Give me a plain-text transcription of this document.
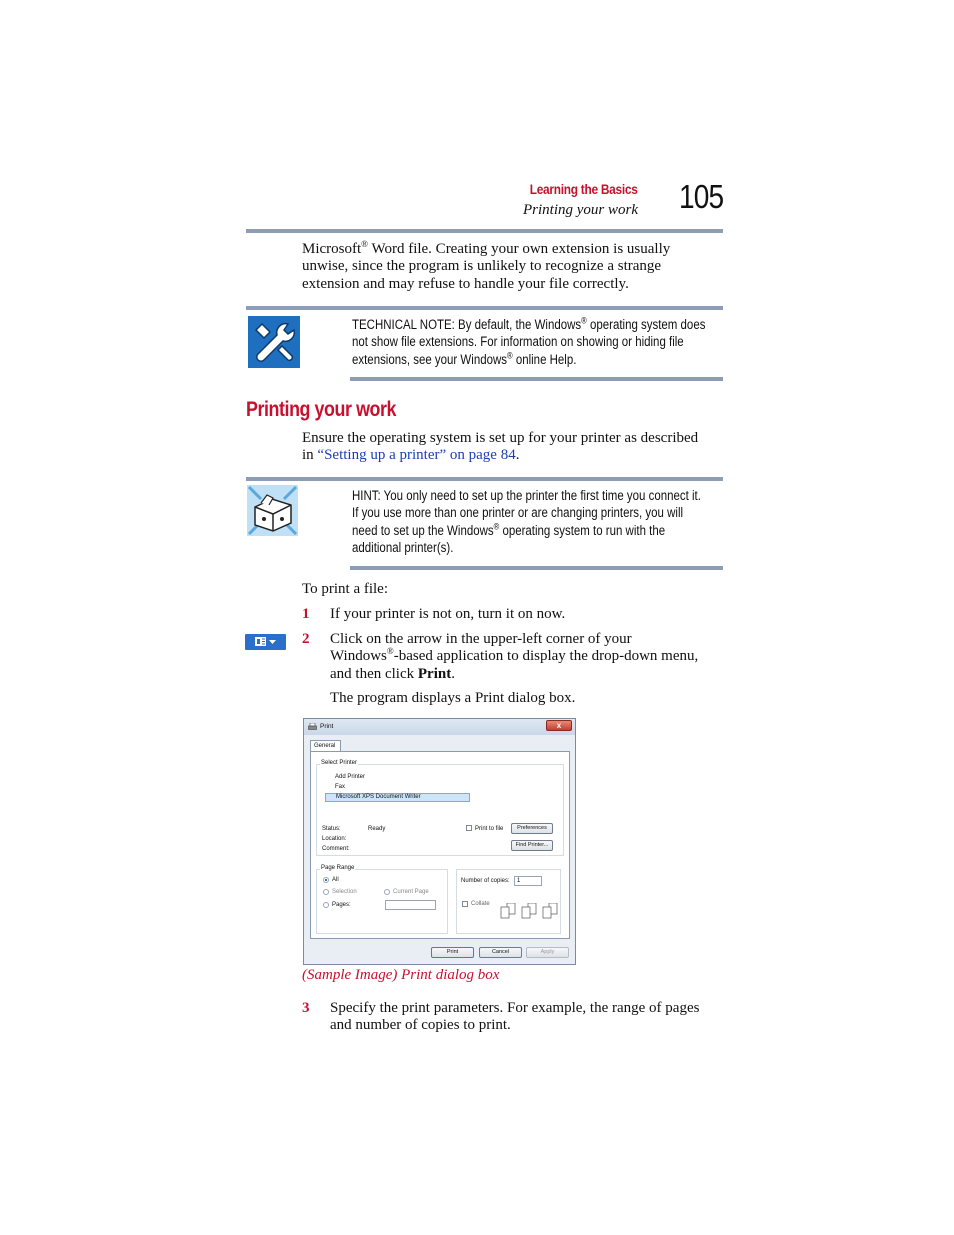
Learning the Basics
Printing your work 105
Microsoft® Word file. Creating your own extension is usually
unwise, since the program is unlikely to recognize a strange
extension and may refuse to handle your file correctly.
TECHNICAL NOTE: By default, the Windows® operating system does
not show file extensions. For information on showing or hiding file
extensions, see your Windows® online Help.
Printing your work
Ensure the operating system is set up for your printer as described
in “Setting up a printer” on page 84.
HINT: You only need to set up the printer the first time you connect it.
If you use more than one printer or are changing printers, you will
need to set up the Windows® operating system to run with the
additional printer(s).
To print a file:
1 If your printer is not on, turn it on now.
2 Click on the arrow in the upper-left corner of your
Windows®-based application to display the drop-down menu,
and then click Print.
The program displays a Print dialog box.
Print	x
General
Select Printer
Add Printer
Fax
Microsoft XPS Document Writer
Status:	Ready
Location:
Comment:
Print to file	Preferences
Find Printer...
Page Range
All
Selection	Current Page
Pages:
Number of copies:	1
Collate
Print	Cancel	Apply
(Sample Image) Print dialog box
3 Specify the print parameters. For example, the range of pages
and number of copies to print.
